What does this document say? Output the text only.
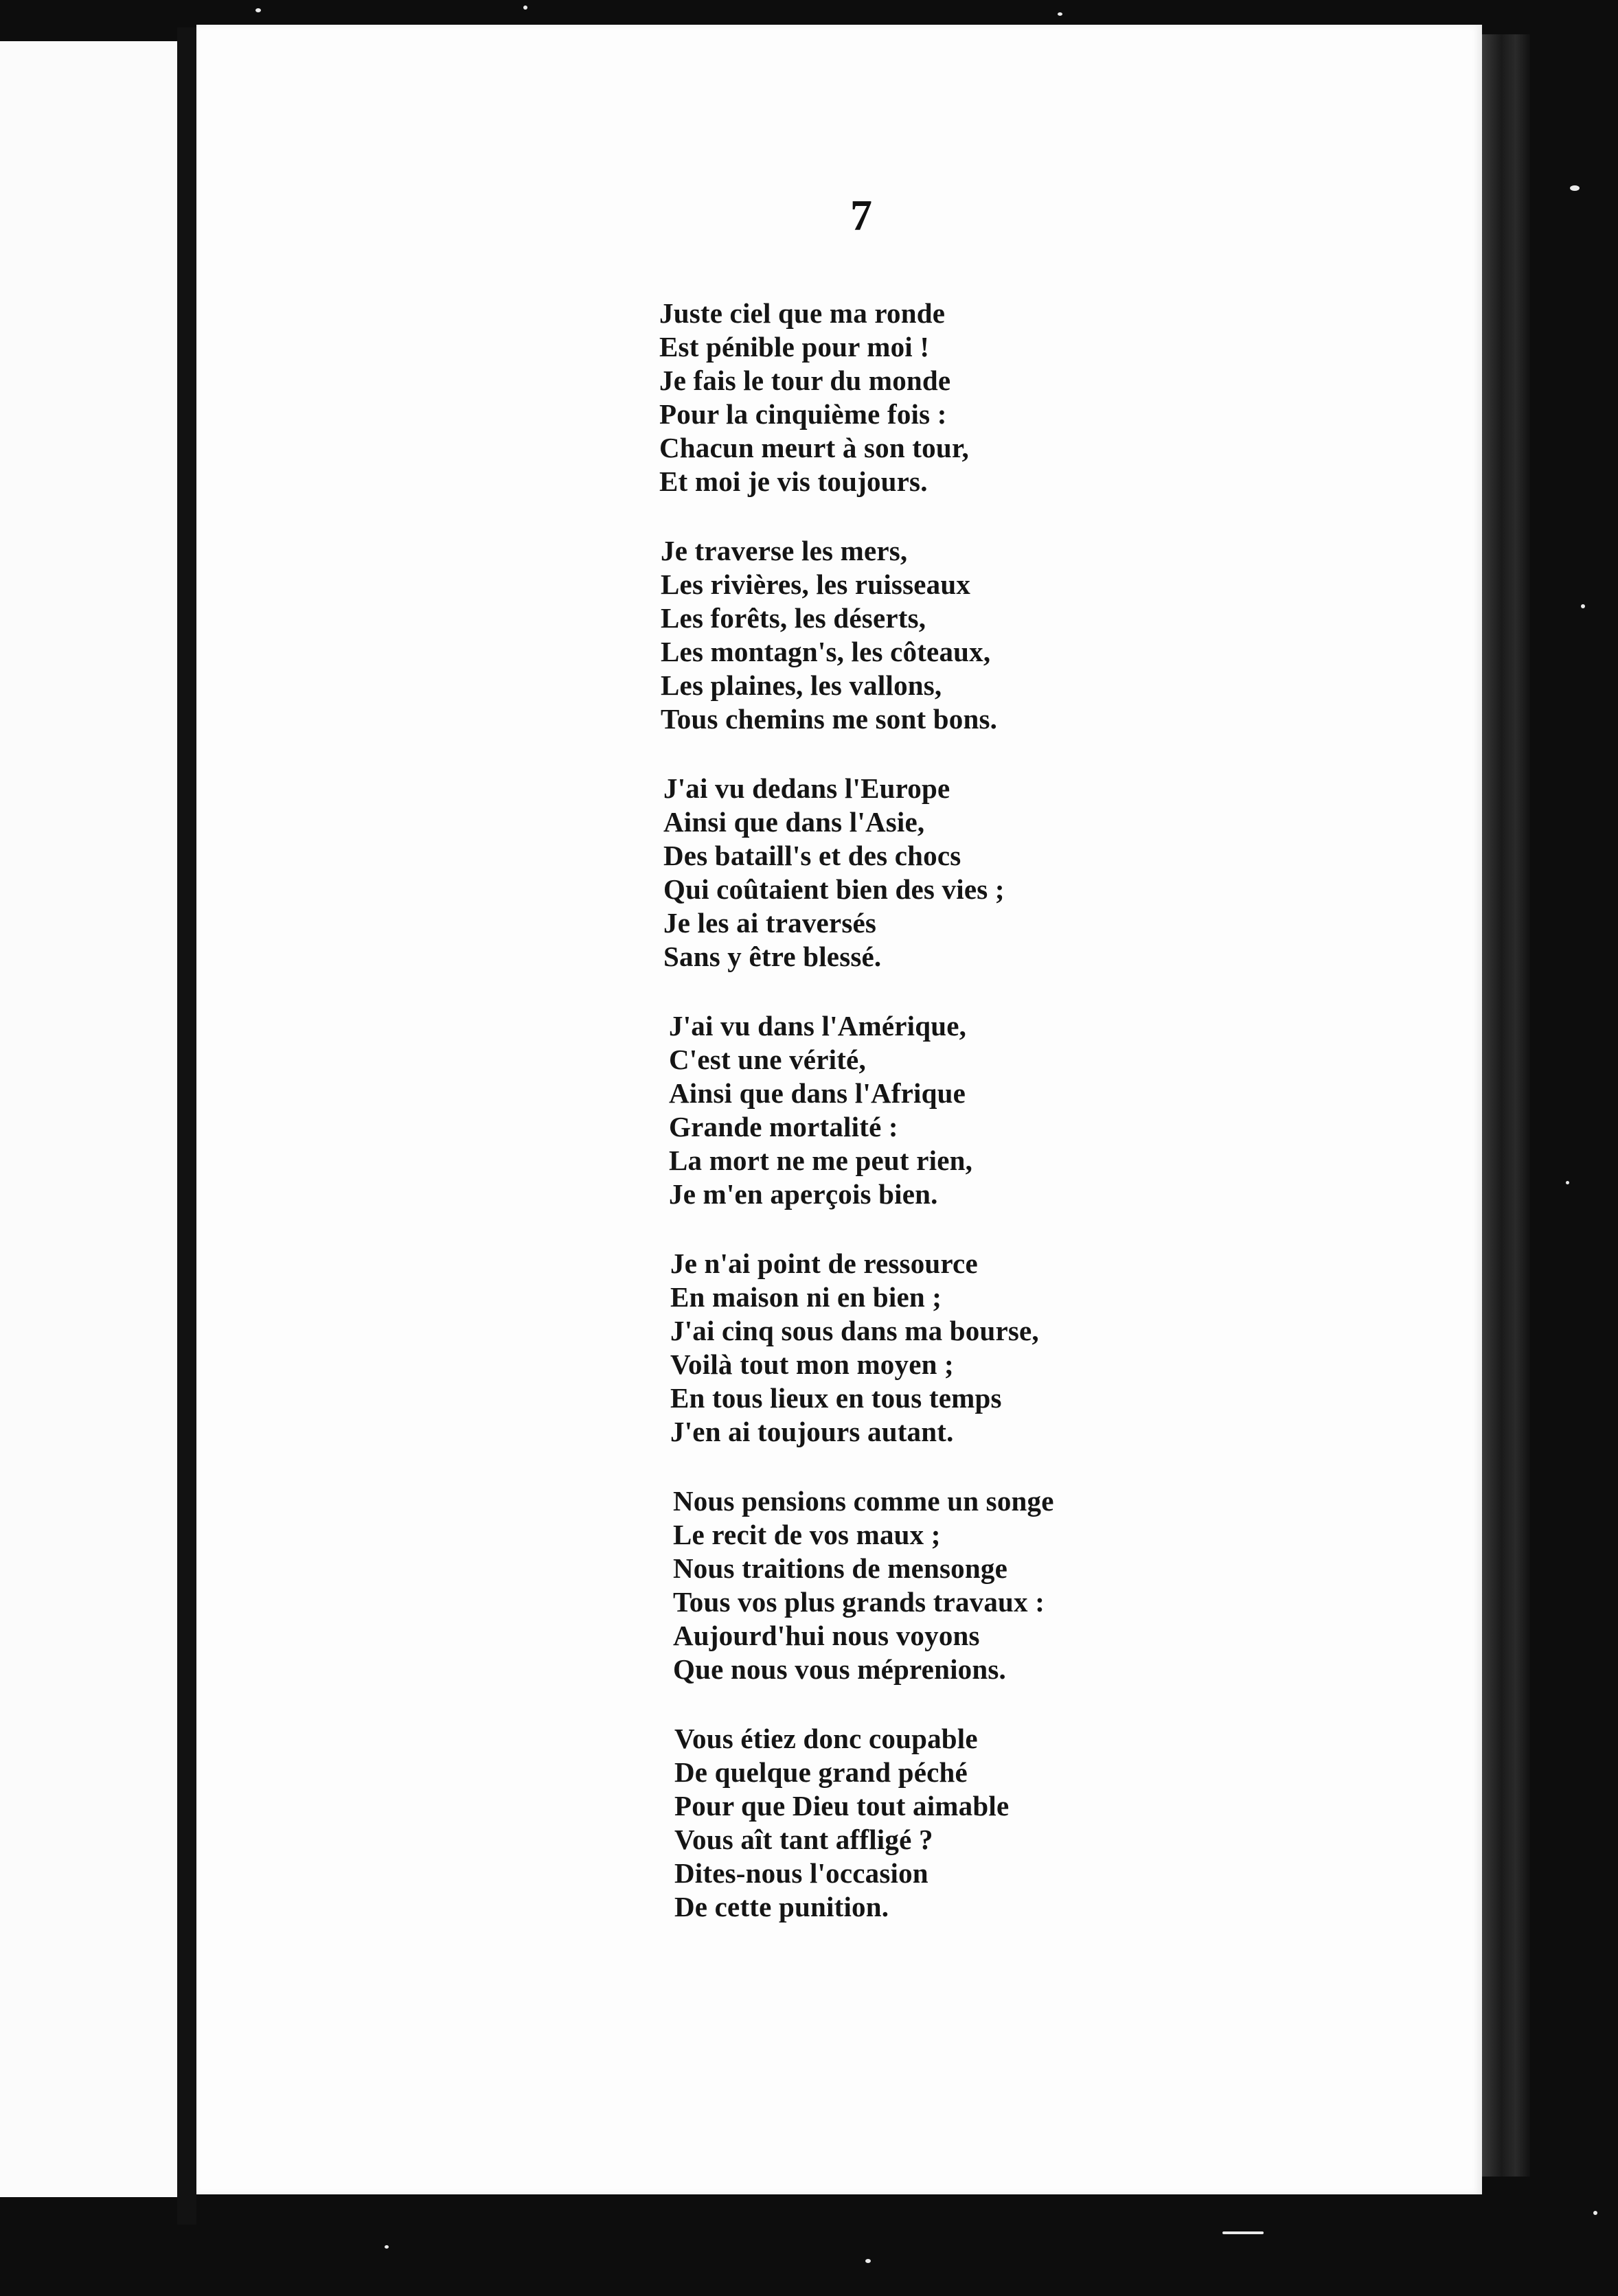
7
Juste ciel que ma ronde
Est pénible pour moi !
Je fais le tour du monde
Pour la cinquième fois :
Chacun meurt à son tour,
Et moi je vis toujours.
Je traverse les mers,
Les rivières, les ruisseaux
Les forêts, les déserts,
Les montagn's, les côteaux,
Les plaines, les vallons,
Tous chemins me sont bons.
J'ai vu dedans l'Europe
Ainsi que dans l'Asie,
Des bataill's et des chocs
Qui coûtaient bien des vies ;
Je les ai traversés
Sans y être blessé.
J'ai vu dans l'Amérique,
C'est une vérité,
Ainsi que dans l'Afrique
Grande mortalité :
La mort ne me peut rien,
Je m'en aperçois bien.
Je n'ai point de ressource
En maison ni en bien ;
J'ai cinq sous dans ma bourse,
Voilà tout mon moyen ;
En tous lieux en tous temps
J'en ai toujours autant.
Nous pensions comme un songe
Le recit de vos maux ;
Nous traitions de mensonge
Tous vos plus grands travaux :
Aujourd'hui nous voyons
Que nous vous méprenions.
Vous étiez donc coupable
De quelque grand péché
Pour que Dieu tout aimable
Vous aît tant affligé ?
Dites-nous l'occasion
De cette punition.
